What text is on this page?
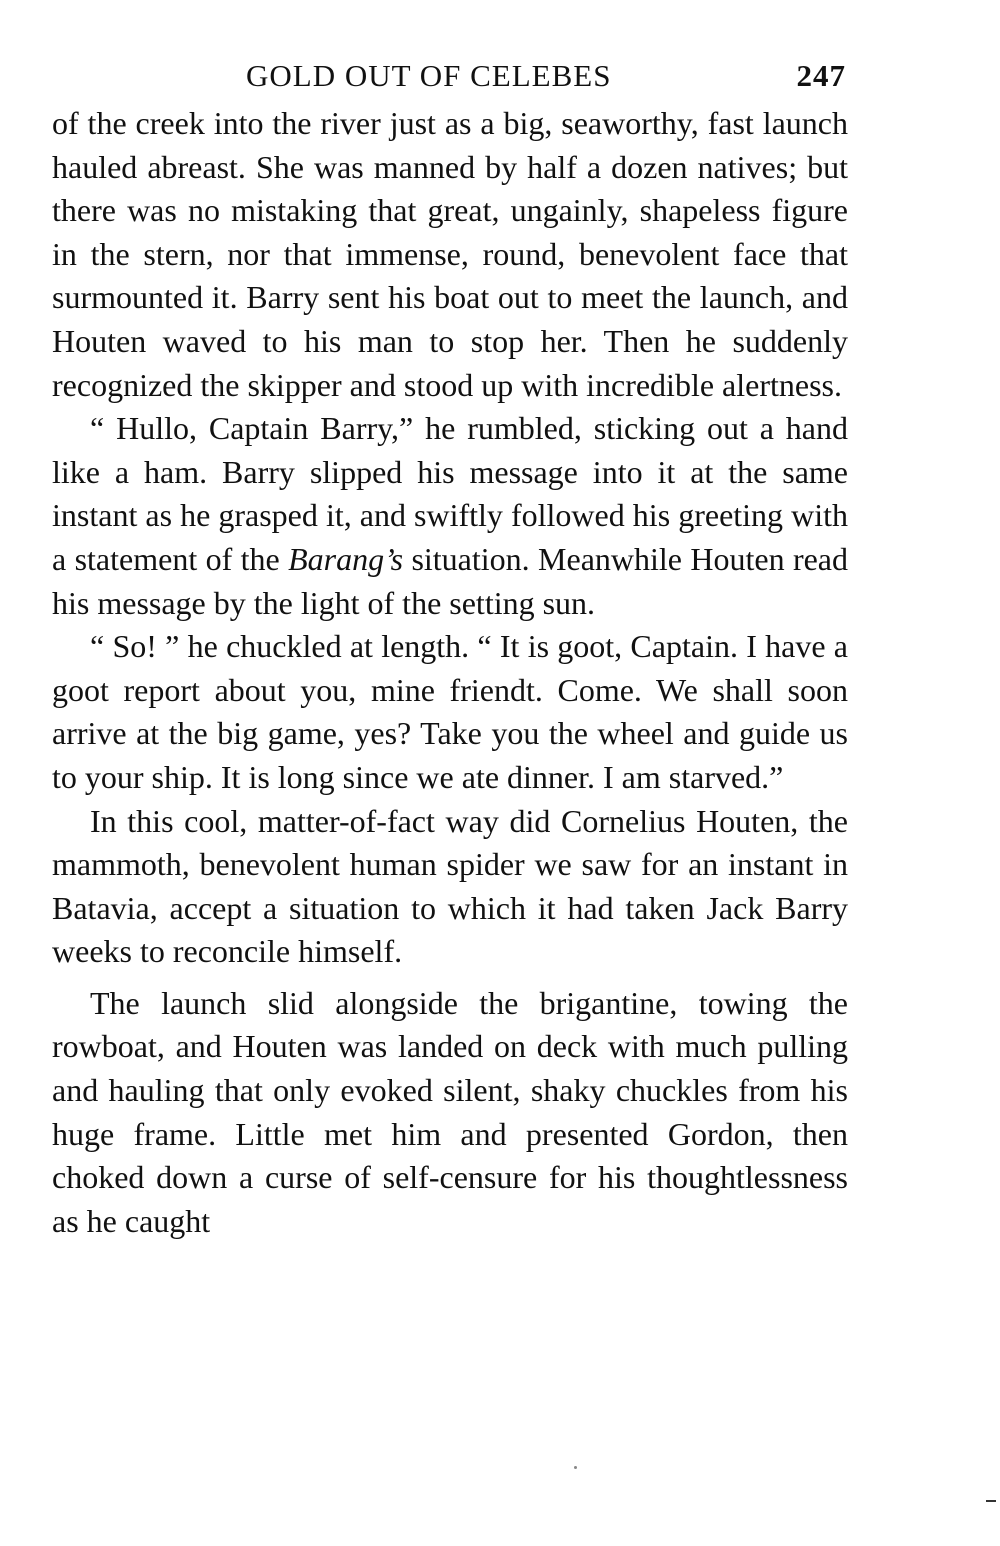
GOLD OUT OF CELEBES	247

of the creek into the river just as a big, seaworthy, fast launch hauled abreast. She was manned by half a dozen natives; but there was no mistaking that great, ungainly, shapeless figure in the stern, nor that immense, round, benevolent face that surmounted it. Barry sent his boat out to meet the launch, and Houten waved to his man to stop her. Then he suddenly recognized the skipper and stood up with incredible alertness.

“ Hullo, Captain Barry,” he rumbled, sticking out a hand like a ham. Barry slipped his message into it at the same instant as he grasped it, and swiftly followed his greeting with a statement of the Barang’s situation. Meanwhile Houten read his message by the light of the setting sun.

“ So! ” he chuckled at length. “ It is goot, Captain. I have a goot report about you, mine friendt. Come. We shall soon arrive at the big game, yes? Take you the wheel and guide us to your ship. It is long since we ate dinner. I am starved.”

In this cool, matter-of-fact way did Cornelius Houten, the mammoth, benevolent human spider we saw for an instant in Batavia, accept a situation to which it had taken Jack Barry weeks to reconcile himself.

The launch slid alongside the brigantine, towing the rowboat, and Houten was landed on deck with much pulling and hauling that only evoked silent, shaky chuckles from his huge frame. Little met him and presented Gordon, then choked down a curse of self-censure for his thoughtlessness as he caught
